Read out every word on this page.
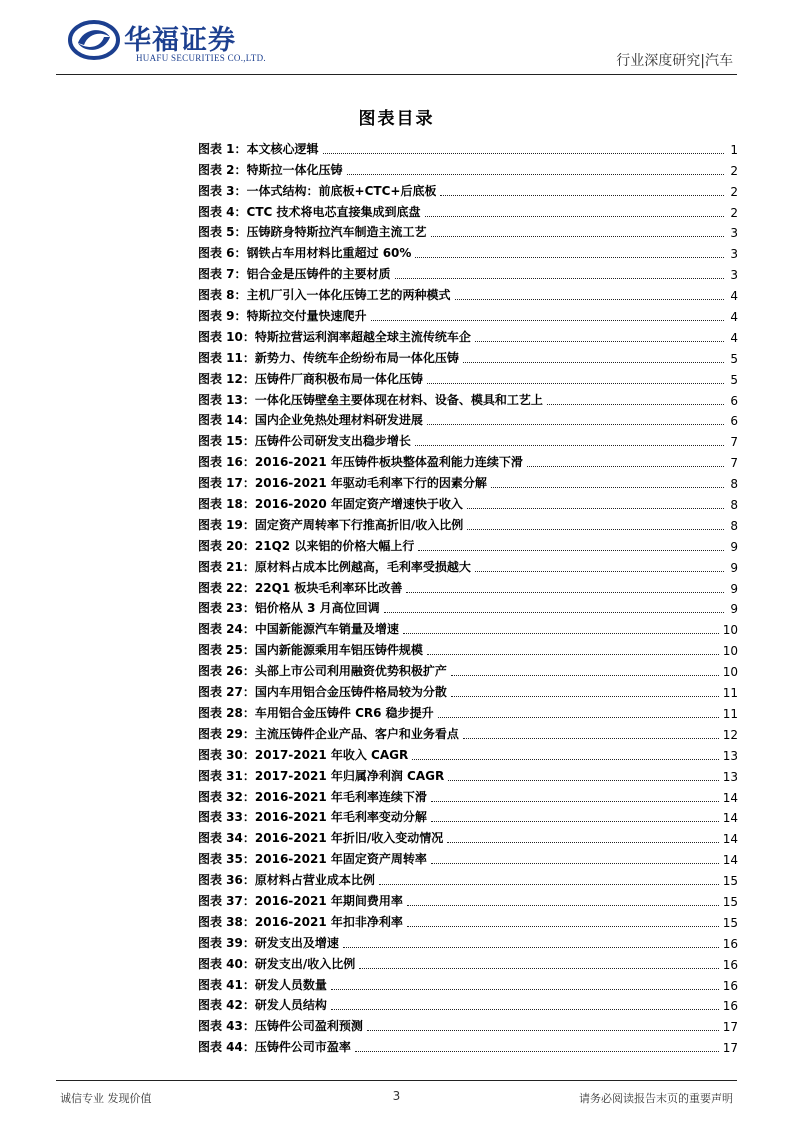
华福证券
HUAFU SECURITIES CO.,LTD.	行业深度研究|汽车
图表目录
图表 1： 本文核心逻辑	1
图表 2： 特斯拉一体化压铸	2
图表 3： 一体式结构：前底板+CTC+后底板	2
图表 4： CTC 技术将电芯直接集成到底盘	2
图表 5： 压铸跻身特斯拉汽车制造主流工艺	3
图表 6： 钢铁占车用材料比重超过 60%	3
图表 7： 铝合金是压铸件的主要材质	3
图表 8： 主机厂引入一体化压铸工艺的两种模式	4
图表 9： 特斯拉交付量快速爬升	4
图表 10： 特斯拉营运利润率超越全球主流传统车企	4
图表 11： 新势力、传统车企纷纷布局一体化压铸	5
图表 12： 压铸件厂商积极布局一体化压铸	5
图表 13： 一体化压铸壁垒主要体现在材料、设备、模具和工艺上	6
图表 14： 国内企业免热处理材料研发进展	6
图表 15： 压铸件公司研发支出稳步增长	7
图表 16： 2016-2021 年压铸件板块整体盈利能力连续下滑	7
图表 17： 2016-2021 年驱动毛利率下行的因素分解	8
图表 18： 2016-2020 年固定资产增速快于收入	8
图表 19： 固定资产周转率下行推高折旧/收入比例	8
图表 20： 21Q2 以来铝的价格大幅上行	9
图表 21： 原材料占成本比例越高，毛利率受损越大	9
图表 22： 22Q1 板块毛利率环比改善	9
图表 23： 铝价格从 3 月高位回调	9
图表 24： 中国新能源汽车销量及增速	10
图表 25： 国内新能源乘用车铝压铸件规模	10
图表 26： 头部上市公司利用融资优势积极扩产	10
图表 27： 国内车用铝合金压铸件格局较为分散	11
图表 28： 车用铝合金压铸件 CR6 稳步提升	11
图表 29： 主流压铸件企业产品、客户和业务看点	12
图表 30： 2017-2021 年收入 CAGR	13
图表 31： 2017-2021 年归属净利润 CAGR	13
图表 32： 2016-2021 年毛利率连续下滑	14
图表 33： 2016-2021 年毛利率变动分解	14
图表 34： 2016-2021 年折旧/收入变动情况	14
图表 35： 2016-2021 年固定资产周转率	14
图表 36： 原材料占营业成本比例	15
图表 37： 2016-2021 年期间费用率	15
图表 38： 2016-2021 年扣非净利率	15
图表 39： 研发支出及增速	16
图表 40： 研发支出/收入比例	16
图表 41： 研发人员数量	16
图表 42： 研发人员结构	16
图表 43： 压铸件公司盈利预测	17
图表 44： 压铸件公司市盈率	17
诚信专业 发现价值	3	请务必阅读报告末页的重要声明
